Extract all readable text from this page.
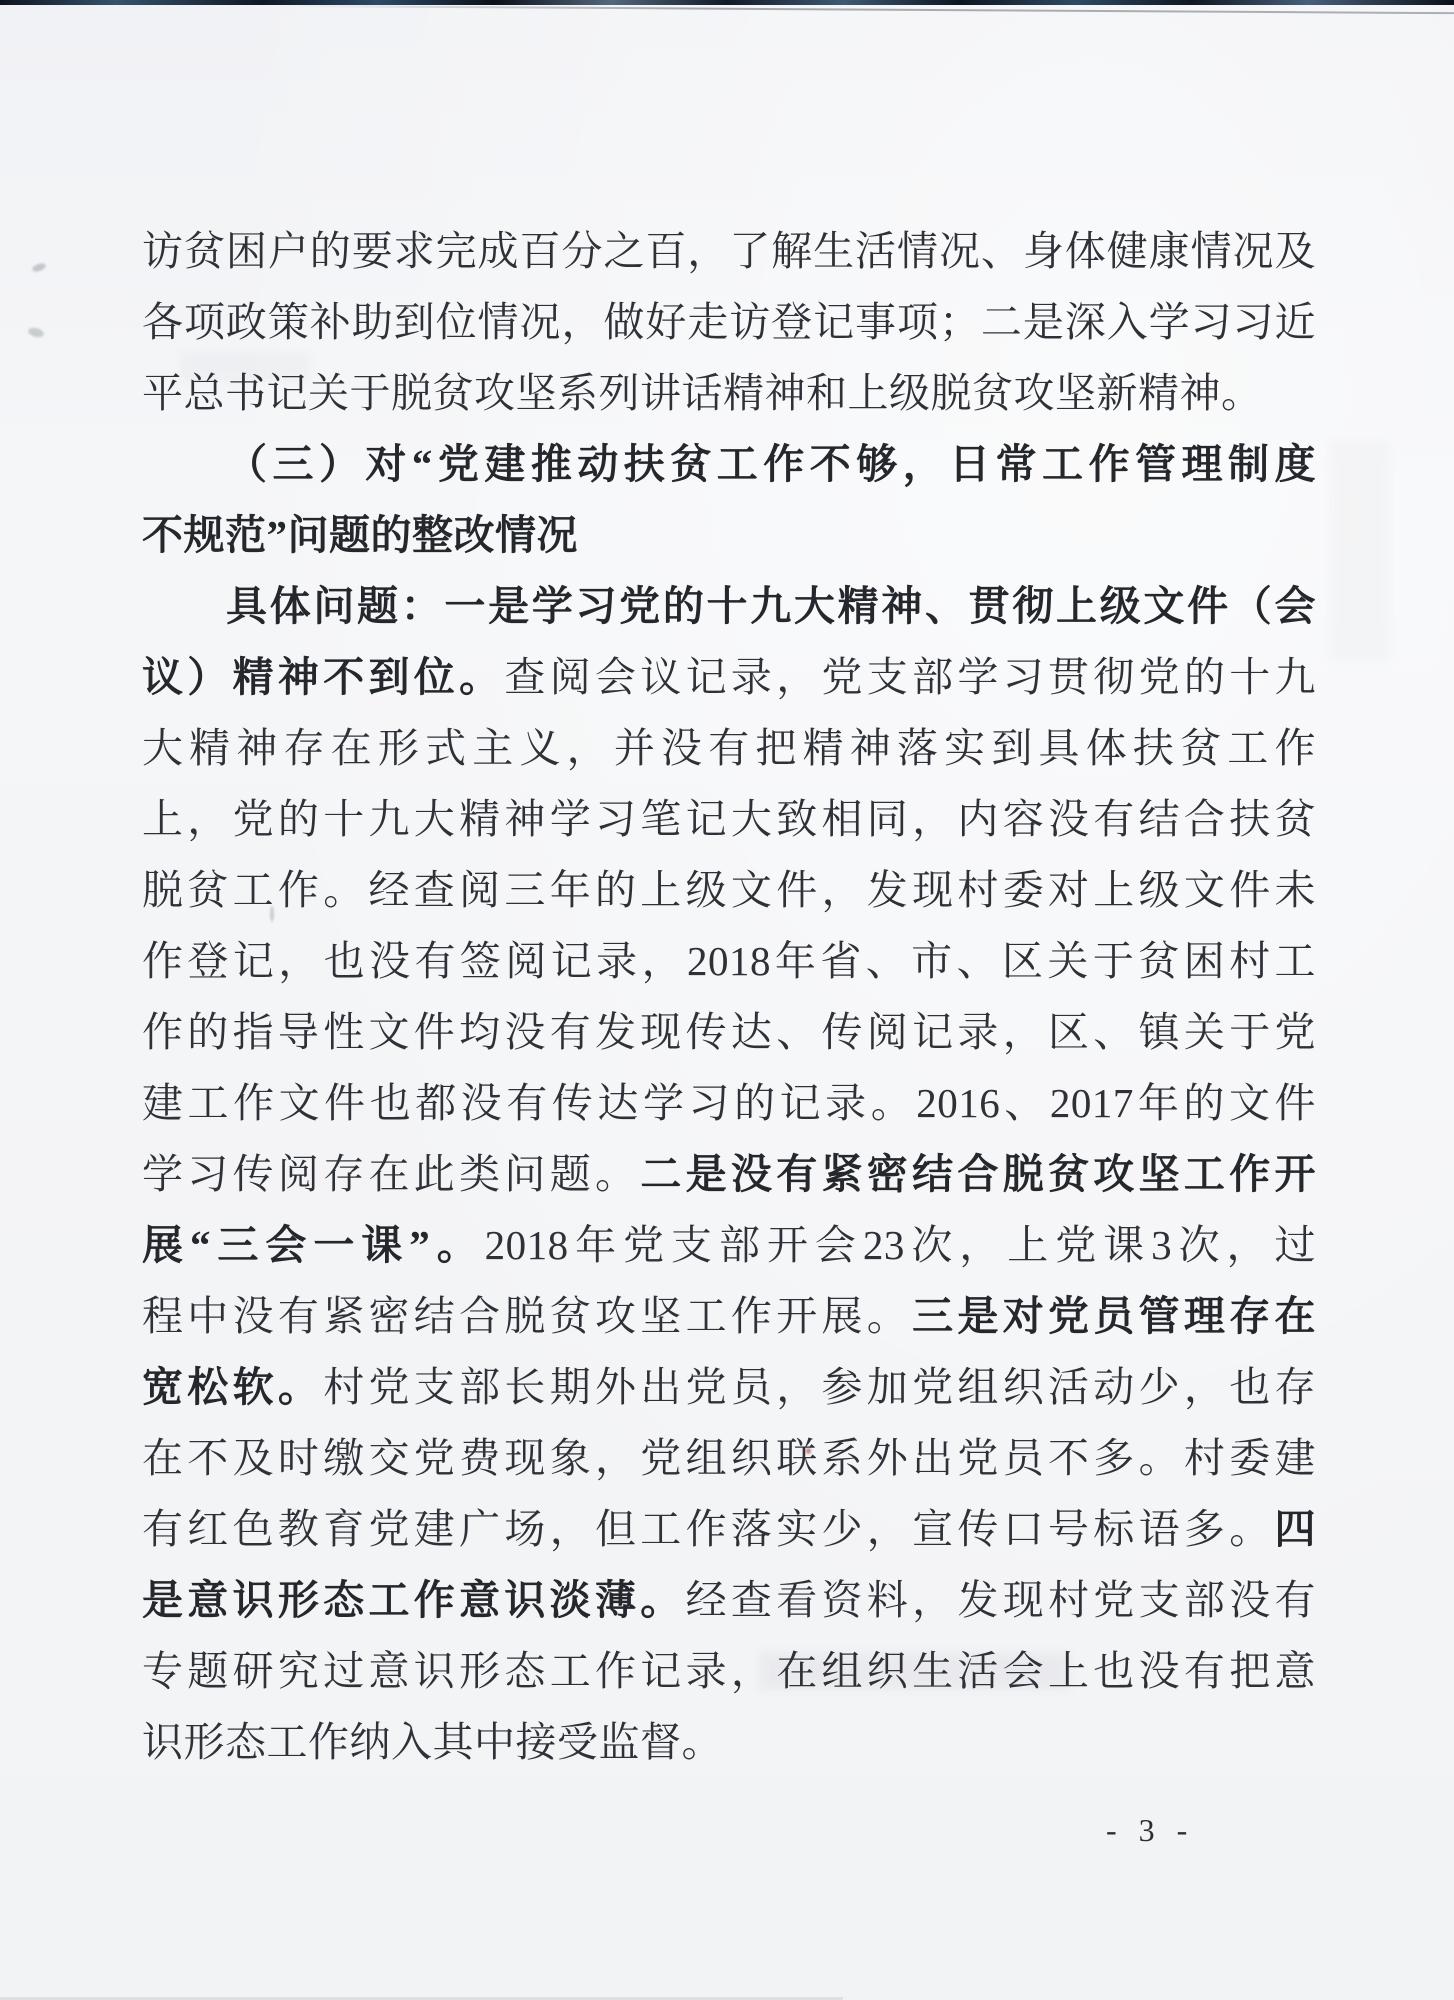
访贫困户的要求完成百分之百，了解生活情况、身体健康情况及
各项政策补助到位情况，做好走访登记事项；二是深入学习习近
平总书记关于脱贫攻坚系列讲话精神和上级脱贫攻坚新精神。
（三）对“党建推动扶贫工作不够，日常工作管理制度
不规范”问题的整改情况
具体问题：一是学习党的十九大精神、贯彻上级文件（会
议）精神不到位。查阅会议记录，党支部学习贯彻党的十九
大精神存在形式主义，并没有把精神落实到具体扶贫工作
上，党的十九大精神学习笔记大致相同，内容没有结合扶贫
脱贫工作。经查阅三年的上级文件，发现村委对上级文件未
作登记，也没有签阅记录，2018年省、市、区关于贫困村工
作的指导性文件均没有发现传达、传阅记录，区、镇关于党
建工作文件也都没有传达学习的记录。2016、2017年的文件
学习传阅存在此类问题。二是没有紧密结合脱贫攻坚工作开
展“三会一课”。2018年党支部开会23次，上党课3次，过
程中没有紧密结合脱贫攻坚工作开展。三是对党员管理存在
宽松软。村党支部长期外出党员，参加党组织活动少，也存
在不及时缴交党费现象，党组织联系外出党员不多。村委建
有红色教育党建广场，但工作落实少，宣传口号标语多。四
是意识形态工作意识淡薄。经查看资料，发现村党支部没有
专题研究过意识形态工作记录，在组织生活会上也没有把意
识形态工作纳入其中接受监督。
- 3 -
